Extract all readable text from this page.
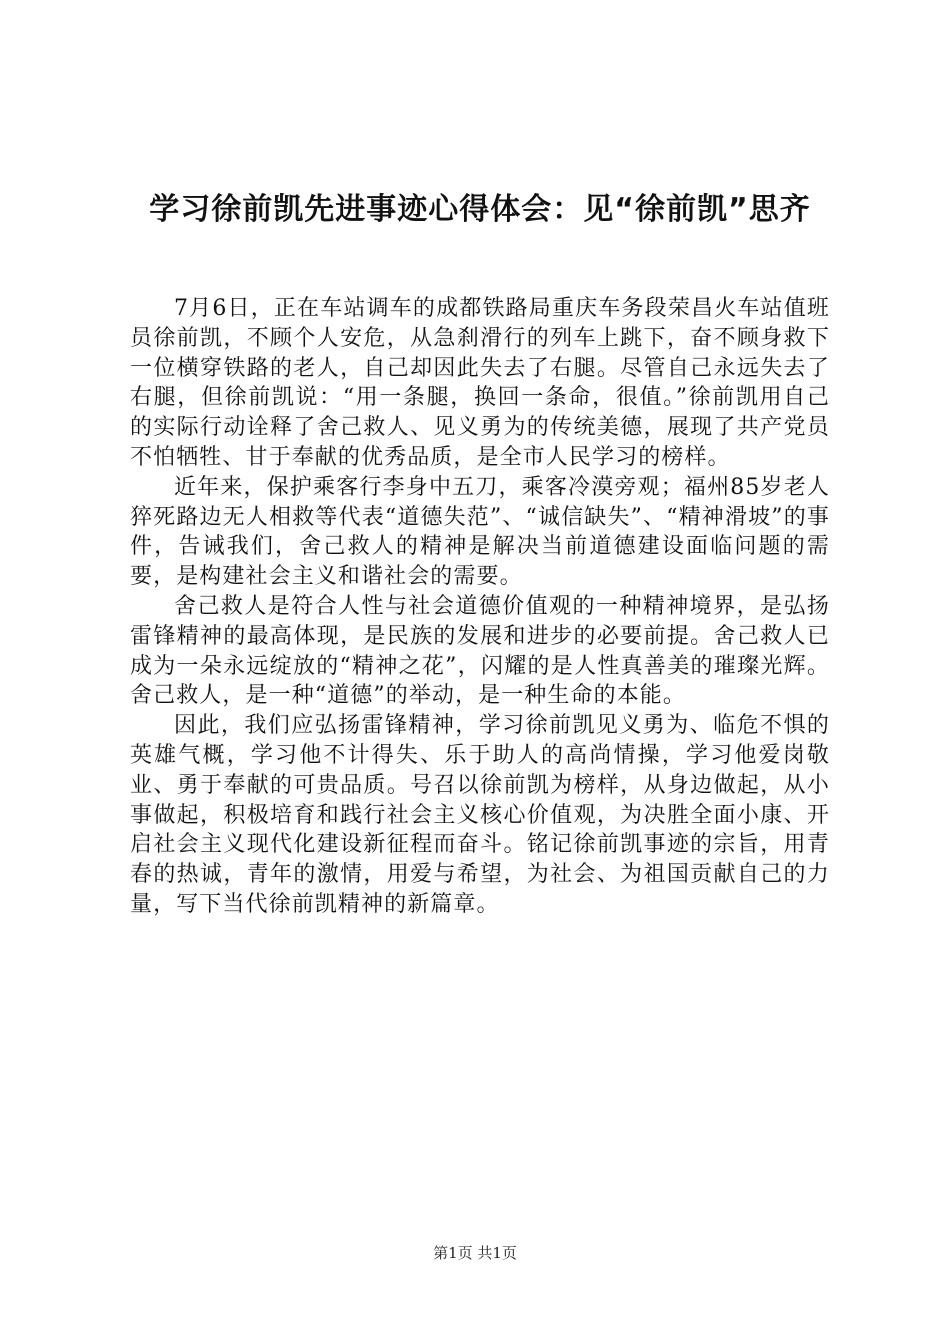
学习徐前凯先进事迹心得体会：见“徐前凯”思齐

7月6日，正在车站调车的成都铁路局重庆车务段荣昌火车站值班员徐前凯，不顾个人安危，从急刹滑行的列车上跳下，奋不顾身救下一位横穿铁路的老人，自己却因此失去了右腿。尽管自己永远失去了右腿，但徐前凯说：“用一条腿，换回一条命，很值。”徐前凯用自己的实际行动诠释了舍己救人、见义勇为的传统美德，展现了共产党员不怕牺牲、甘于奉献的优秀品质，是全市人民学习的榜样。

近年来，保护乘客行李身中五刀，乘客冷漠旁观；福州85岁老人猝死路边无人相救等代表“道德失范”、“诚信缺失”、“精神滑坡”的事件，告诫我们，舍己救人的精神是解决当前道德建设面临问题的需要，是构建社会主义和谐社会的需要。

舍己救人是符合人性与社会道德价值观的一种精神境界，是弘扬雷锋精神的最高体现，是民族的发展和进步的必要前提。舍己救人已成为一朵永远绽放的“精神之花”，闪耀的是人性真善美的璀璨光辉。舍己救人，是一种“道德”的举动，是一种生命的本能。

因此，我们应弘扬雷锋精神，学习徐前凯见义勇为、临危不惧的英雄气概，学习他不计得失、乐于助人的高尚情操，学习他爱岗敬业、勇于奉献的可贵品质。号召以徐前凯为榜样，从身边做起，从小事做起，积极培育和践行社会主义核心价值观，为决胜全面小康、开启社会主义现代化建设新征程而奋斗。铭记徐前凯事迹的宗旨，用青春的热诚，青年的激情，用爱与希望，为社会、为祖国贡献自己的力量，写下当代徐前凯精神的新篇章。

第1页 共1页
